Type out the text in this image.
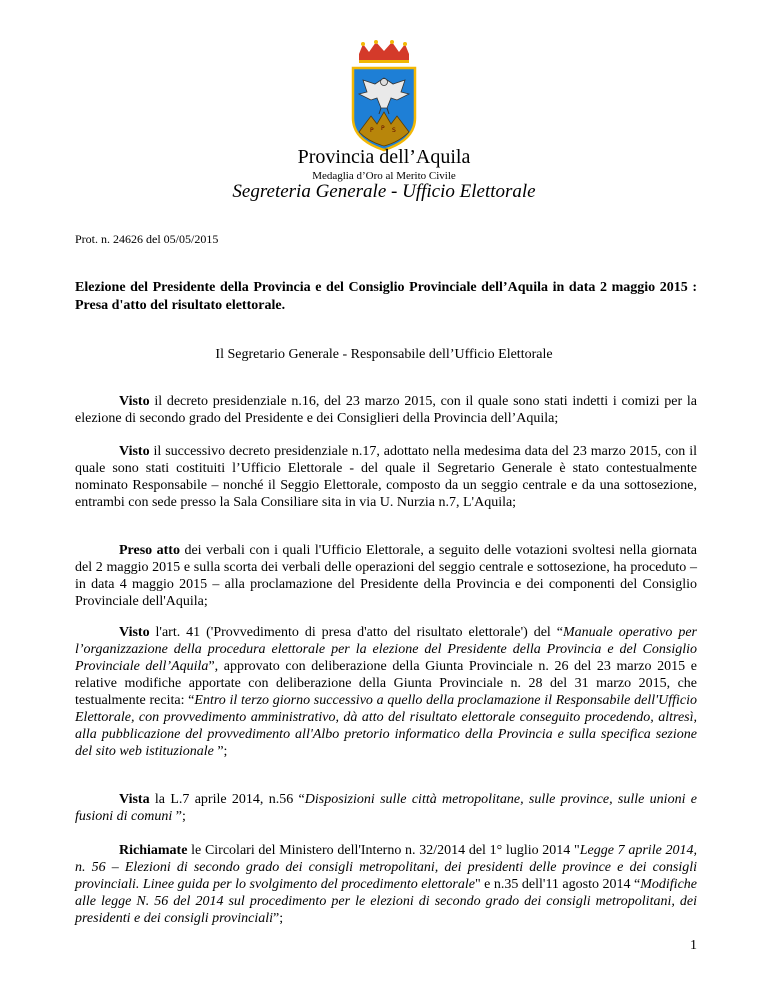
P P S
Provincia dell’Aquila
Medaglia d’Oro al Merito Civile
Segreteria Generale - Ufficio Elettorale
Prot. n. 24626 del 05/05/2015
Elezione del Presidente della Provincia e del Consiglio Provinciale dell’Aquila in data 2 maggio 2015 : Presa d'atto del risultato elettorale.
Il Segretario Generale - Responsabile dell’Ufficio Elettorale

Visto il decreto presidenziale n.16, del 23 marzo 2015, con il quale sono stati indetti i comizi per la elezione di secondo grado del Presidente e dei Consiglieri della Provincia dell’Aquila;

Visto il successivo decreto presidenziale n.17, adottato nella medesima data del 23 marzo 2015, con il quale sono stati costituiti l’Ufficio Elettorale - del quale il Segretario Generale è stato contestualmente nominato Responsabile – nonché il Seggio Elettorale, composto da un seggio centrale e da una sottosezione, entrambi con sede presso la Sala Consiliare sita in via U. Nurzia n.7, L'Aquila;

Preso atto dei verbali con i quali l'Ufficio Elettorale, a seguito delle votazioni svoltesi nella giornata del 2 maggio 2015 e sulla scorta dei verbali delle operazioni del seggio centrale e sottosezione, ha proceduto – in data 4 maggio 2015 – alla proclamazione del Presidente della Provincia e dei componenti del Consiglio Provinciale dell'Aquila;

Visto l'art. 41 ('Provvedimento di presa d'atto del risultato elettorale') del “Manuale operativo per l’organizzazione della procedura elettorale per la elezione del Presidente della Provincia e del Consiglio Provinciale dell’Aquila”, approvato con deliberazione della Giunta Provinciale n. 26 del 23 marzo 2015 e relative modifiche apportate con deliberazione della Giunta Provinciale n. 28 del 31 marzo 2015, che testualmente recita: “Entro il terzo giorno successivo a quello della proclamazione il Responsabile dell'Ufficio Elettorale, con provvedimento amministrativo, dà atto del risultato elettorale conseguito procedendo, altresì, alla pubblicazione del provvedimento all'Albo pretorio informatico della Provincia e sulla specifica sezione del sito web istituzionale ”;

Vista la L.7 aprile 2014, n.56 “Disposizioni sulle città metropolitane, sulle province, sulle unioni e fusioni di comuni ”;

Richiamate le Circolari del Ministero dell'Interno n. 32/2014 del 1° luglio 2014 "Legge 7 aprile 2014, n. 56 – Elezioni di secondo grado dei consigli metropolitani, dei presidenti delle province e dei consigli provinciali. Linee guida per lo svolgimento del procedimento elettorale" e n.35 dell'11 agosto 2014 “Modifiche alle legge N. 56 del 2014 sul procedimento per le elezioni di secondo grado dei consigli metropolitani, dei presidenti e dei consigli provinciali”;

1
